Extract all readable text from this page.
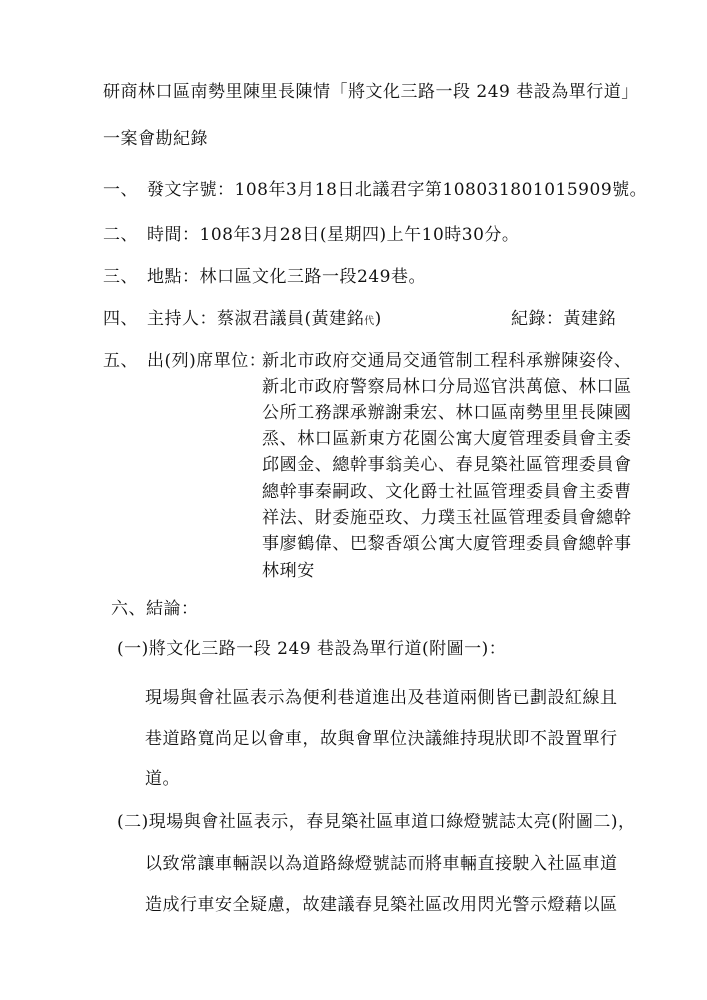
研商林口區南勢里陳里長陳情「將文化三路一段 249 巷設為單行道」
一案會勘紀錄
一、 發文字號：108年3月18日北議君字第108031801015909號。
二、 時間：108年3月28日(星期四)上午10時30分。
三、 地點：林口區文化三路一段249巷。
四、 主持人：蔡淑君議員(黃建銘代)	紀錄：黃建銘
五、 出(列)席單位：
新北市政府交通局交通管制工程科承辦陳姿伶、
新北市政府警察局林口分局巡官洪萬億、林口區
公所工務課承辦謝秉宏、林口區南勢里里長陳國
烝、林口區新東方花園公寓大廈管理委員會主委
邱國金、總幹事翁美心、春見築社區管理委員會
總幹事秦嗣政、文化爵士社區管理委員會主委曹
祥法、財委施亞玫、力璞玉社區管理委員會總幹
事廖鶴偉、巴黎香頌公寓大廈管理委員會總幹事
林琍安
六、結論：
(一)將文化三路一段 249 巷設為單行道(附圖一)：
現場與會社區表示為便利巷道進出及巷道兩側皆已劃設紅線且
巷道路寬尚足以會車，故與會單位決議維持現狀即不設置單行
道。
(二)現場與會社區表示，春見築社區車道口綠燈號誌太亮(附圖二)，
以致常讓車輛誤以為道路綠燈號誌而將車輛直接駛入社區車道
造成行車安全疑慮，故建議春見築社區改用閃光警示燈藉以區
